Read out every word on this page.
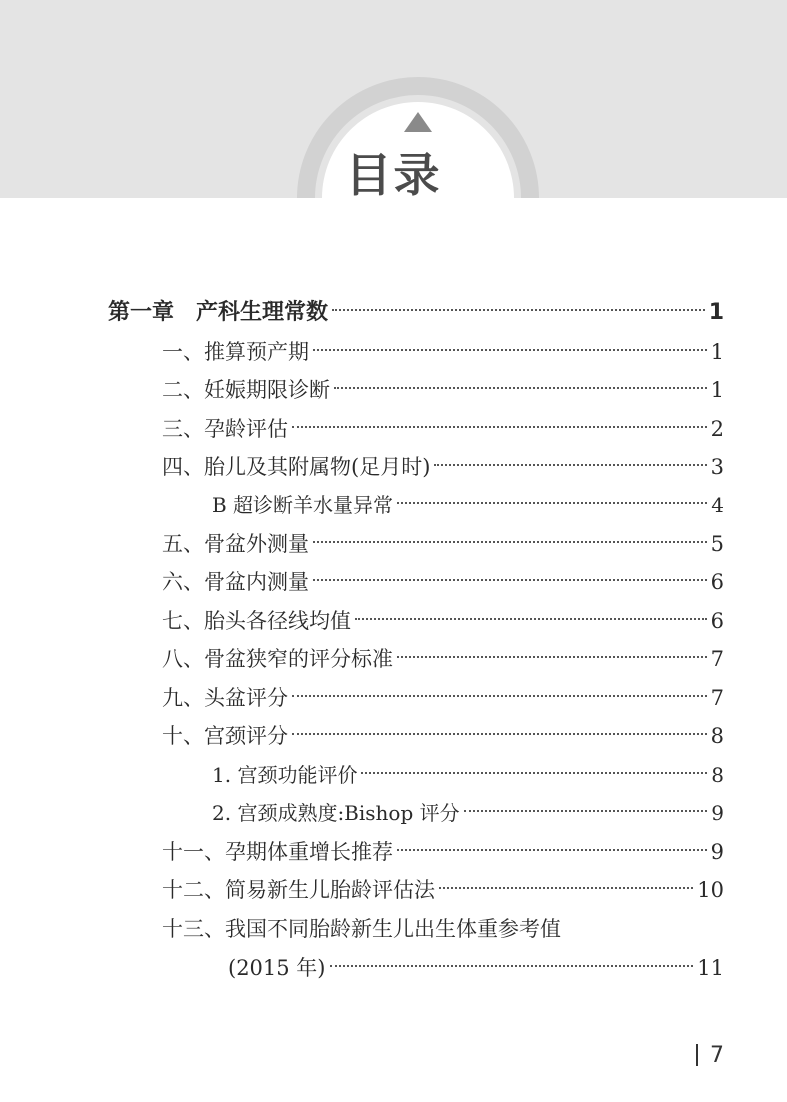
目录
第一章　产科生理常数	1
一、推算预产期	1
二、妊娠期限诊断	1
三、孕龄评估	2
四、胎儿及其附属物(足月时)	3
B 超诊断羊水量异常	4
五、骨盆外测量	5
六、骨盆内测量	6
七、胎头各径线均值	6
八、骨盆狭窄的评分标准	7
九、头盆评分	7
十、宫颈评分	8
1. 宫颈功能评价	8
2. 宫颈成熟度:Bishop 评分	9
十一、孕期体重增长推荐	9
十二、简易新生儿胎龄评估法	10
十三、我国不同胎龄新生儿出生体重参考值
(2015 年)	11
7
